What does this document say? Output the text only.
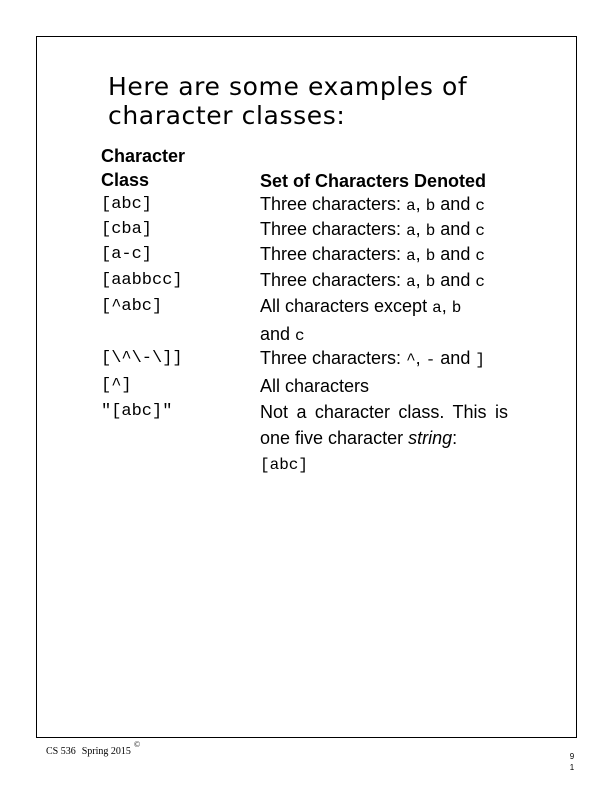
Here are some examples of
character classes:
Character
Class	Set of Characters Denoted
[abc]	Three characters: a, b and c
[cba]	Three characters: a, b and c
[a-c]	Three characters: a, b and c
[aabbcc]	Three characters: a, b and c
[^abc]	All characters except a, b
and c
[\^\-\]]	Three characters: ^, - and ]
[^]	All characters
"[abc]"	Not a character class. This is one five character string:
[abc]
CS 536 Spring 2015
©
9
1
